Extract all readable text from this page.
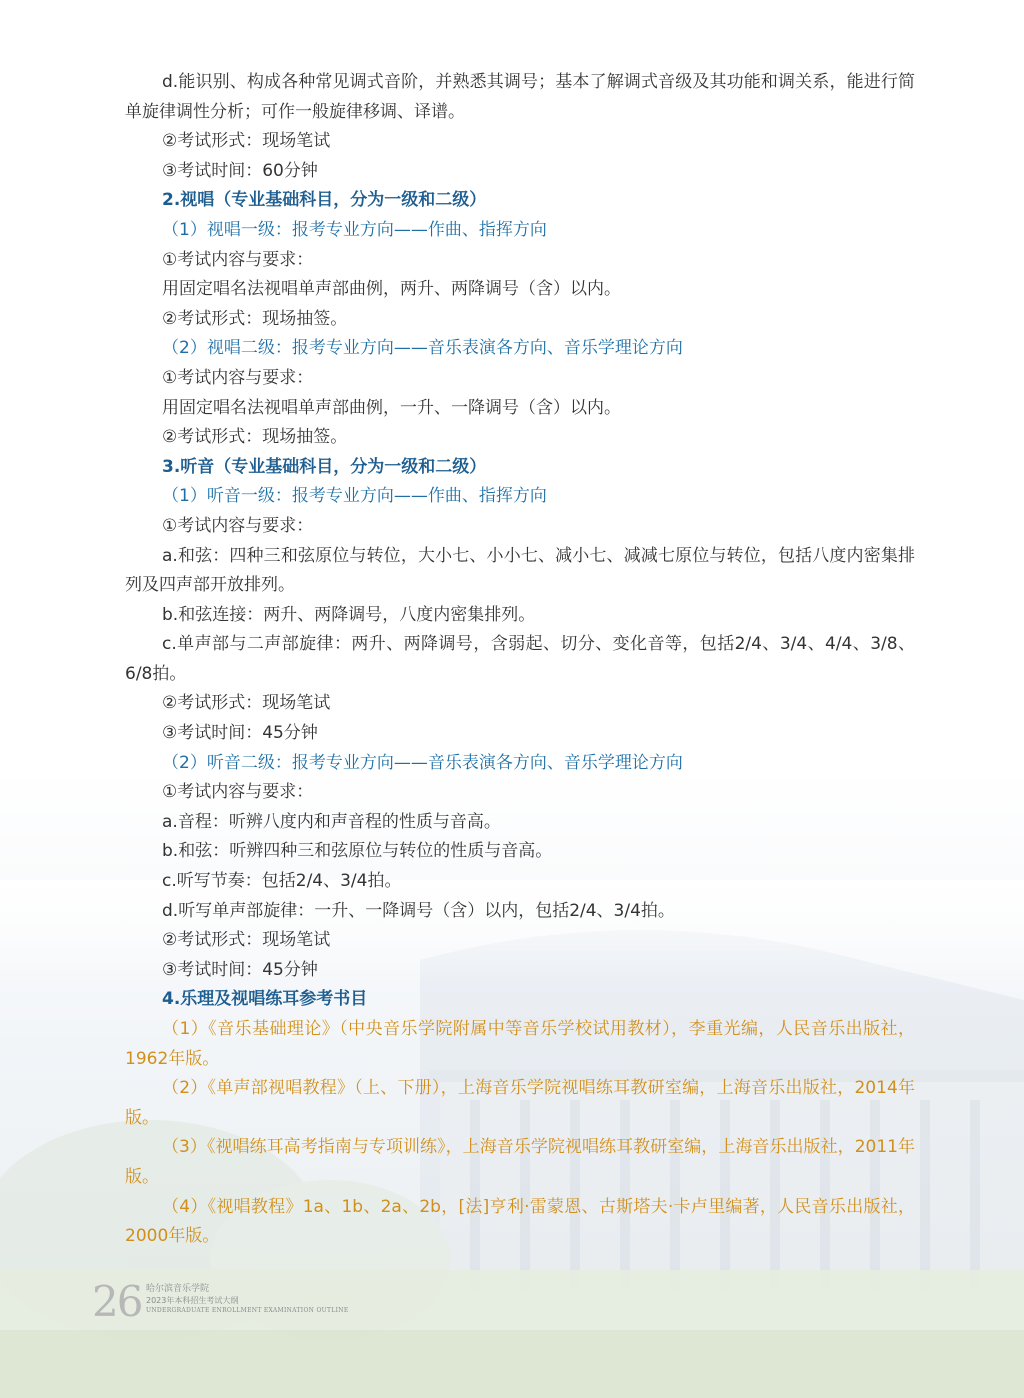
d.能识别、构成各种常见调式音阶，并熟悉其调号；基本了解调式音级及其功能和调关系，能进行简单旋律调性分析；可作一般旋律移调、译谱。

②考试形式：现场笔试

③考试时间：60分钟

2.视唱（专业基础科目，分为一级和二级）

（1）视唱一级：报考专业方向——作曲、指挥方向

①考试内容与要求：

用固定唱名法视唱单声部曲例，两升、两降调号（含）以内。

②考试形式：现场抽签。

（2）视唱二级：报考专业方向——音乐表演各方向、音乐学理论方向

①考试内容与要求：

用固定唱名法视唱单声部曲例，一升、一降调号（含）以内。

②考试形式：现场抽签。

3.听音（专业基础科目，分为一级和二级）

（1）听音一级：报考专业方向——作曲、指挥方向

①考试内容与要求：

a.和弦：四种三和弦原位与转位，大小七、小小七、减小七、减减七原位与转位，包括八度内密集排列及四声部开放排列。

b.和弦连接：两升、两降调号，八度内密集排列。

c.单声部与二声部旋律：两升、两降调号，含弱起、切分、变化音等，包括2/4、3/4、4/4、3/8、6/8拍。

②考试形式：现场笔试

③考试时间：45分钟

（2）听音二级：报考专业方向——音乐表演各方向、音乐学理论方向

①考试内容与要求：

a.音程：听辨八度内和声音程的性质与音高。

b.和弦：听辨四种三和弦原位与转位的性质与音高。

c.听写节奏：包括2/4、3/4拍。

d.听写单声部旋律：一升、一降调号（含）以内，包括2/4、3/4拍。

②考试形式：现场笔试

③考试时间：45分钟

4.乐理及视唱练耳参考书目

（1）《音乐基础理论》（中央音乐学院附属中等音乐学校试用教材），李重光编，人民音乐出版社，1962年版。

（2）《单声部视唱教程》（上、下册），上海音乐学院视唱练耳教研室编，上海音乐出版社，2014年版。

（3）《视唱练耳高考指南与专项训练》，上海音乐学院视唱练耳教研室编，上海音乐出版社，2011年版。

（4）《视唱教程》1a、1b、2a、2b，[法]亨利·雷蒙恩、古斯塔夫·卡卢里编著，人民音乐出版社，2000年版。

26 哈尔滨音乐学院
2023年本科招生考试大纲
UNDERGRADUATE ENROLLMENT EXAMINATION OUTLINE
